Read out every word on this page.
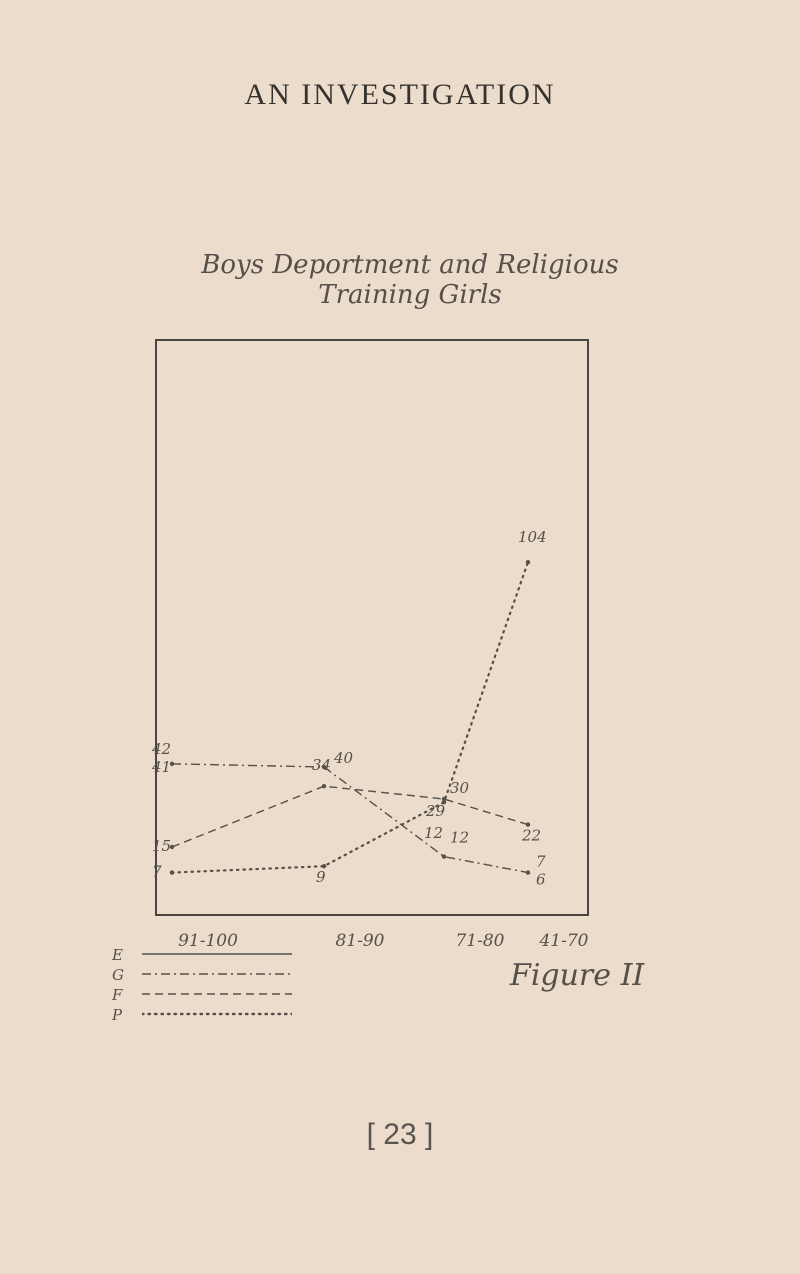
AN INVESTIGATION
Boys Deportment and Religious Training Girls
42
41	40
12
7
6
15
34
30
22
7	9
29
12
104
91-100	81-90	71-80 41-70
E
G
F
P
Figure II
[ 23 ]
